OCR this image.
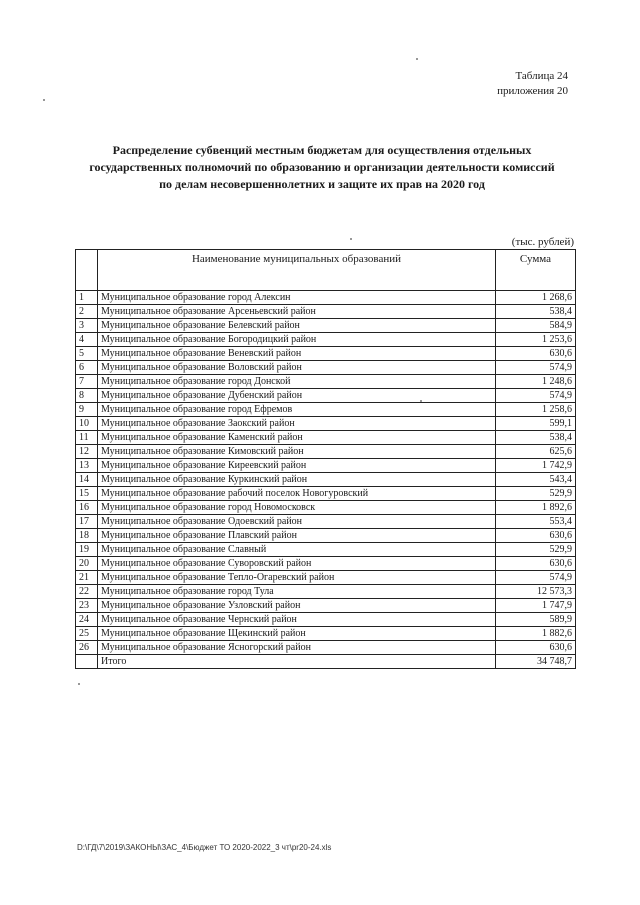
Таблица 24
приложения 20
Распределение субвенций местным бюджетам для осуществления отдельных
государственных полномочий по образованию и организации деятельности комиссий
по делам несовершеннолетних и защите их прав на 2020 год
(тыс. рублей)
	Наименование муниципальных образований	Сумма
1	Муниципальное образование город Алексин	1 268,6
2	Муниципальное образование Арсеньевский район	538,4
3	Муниципальное образование Белевский район	584,9
4	Муниципальное образование Богородицкий район	1 253,6
5	Муниципальное образование Веневский район	630,6
6	Муниципальное образование Воловский район	574,9
7	Муниципальное образование город Донской	1 248,6
8	Муниципальное образование Дубенский район	574,9
9	Муниципальное образование город Ефремов	1 258,6
10	Муниципальное образование Заокский район	599,1
11	Муниципальное образование Каменский район	538,4
12	Муниципальное образование Кимовский район	625,6
13	Муниципальное образование Киреевский район	1 742,9
14	Муниципальное образование Куркинский район	543,4
15	Муниципальное образование рабочий поселок Новогуровский	529,9
16	Муниципальное образование город Новомосковск	1 892,6
17	Муниципальное образование Одоевский район	553,4
18	Муниципальное образование Плавский район	630,6
19	Муниципальное образование Славный	529,9
20	Муниципальное образование Суворовский район	630,6
21	Муниципальное образование Тепло-Огаревский район	574,9
22	Муниципальное образование город Тула	12 573,3
23	Муниципальное образование Узловский район	1 747,9
24	Муниципальное образование Чернский район	589,9
25	Муниципальное образование Щекинский район	1 882,6
26	Муниципальное образование Ясногорский район	630,6
	Итого	34 748,7
D:\ГД\7\2019\ЗАКОНЫ\ЗАС_4\Бюджет ТО 2020-2022_3 чт\pr20-24.xls
